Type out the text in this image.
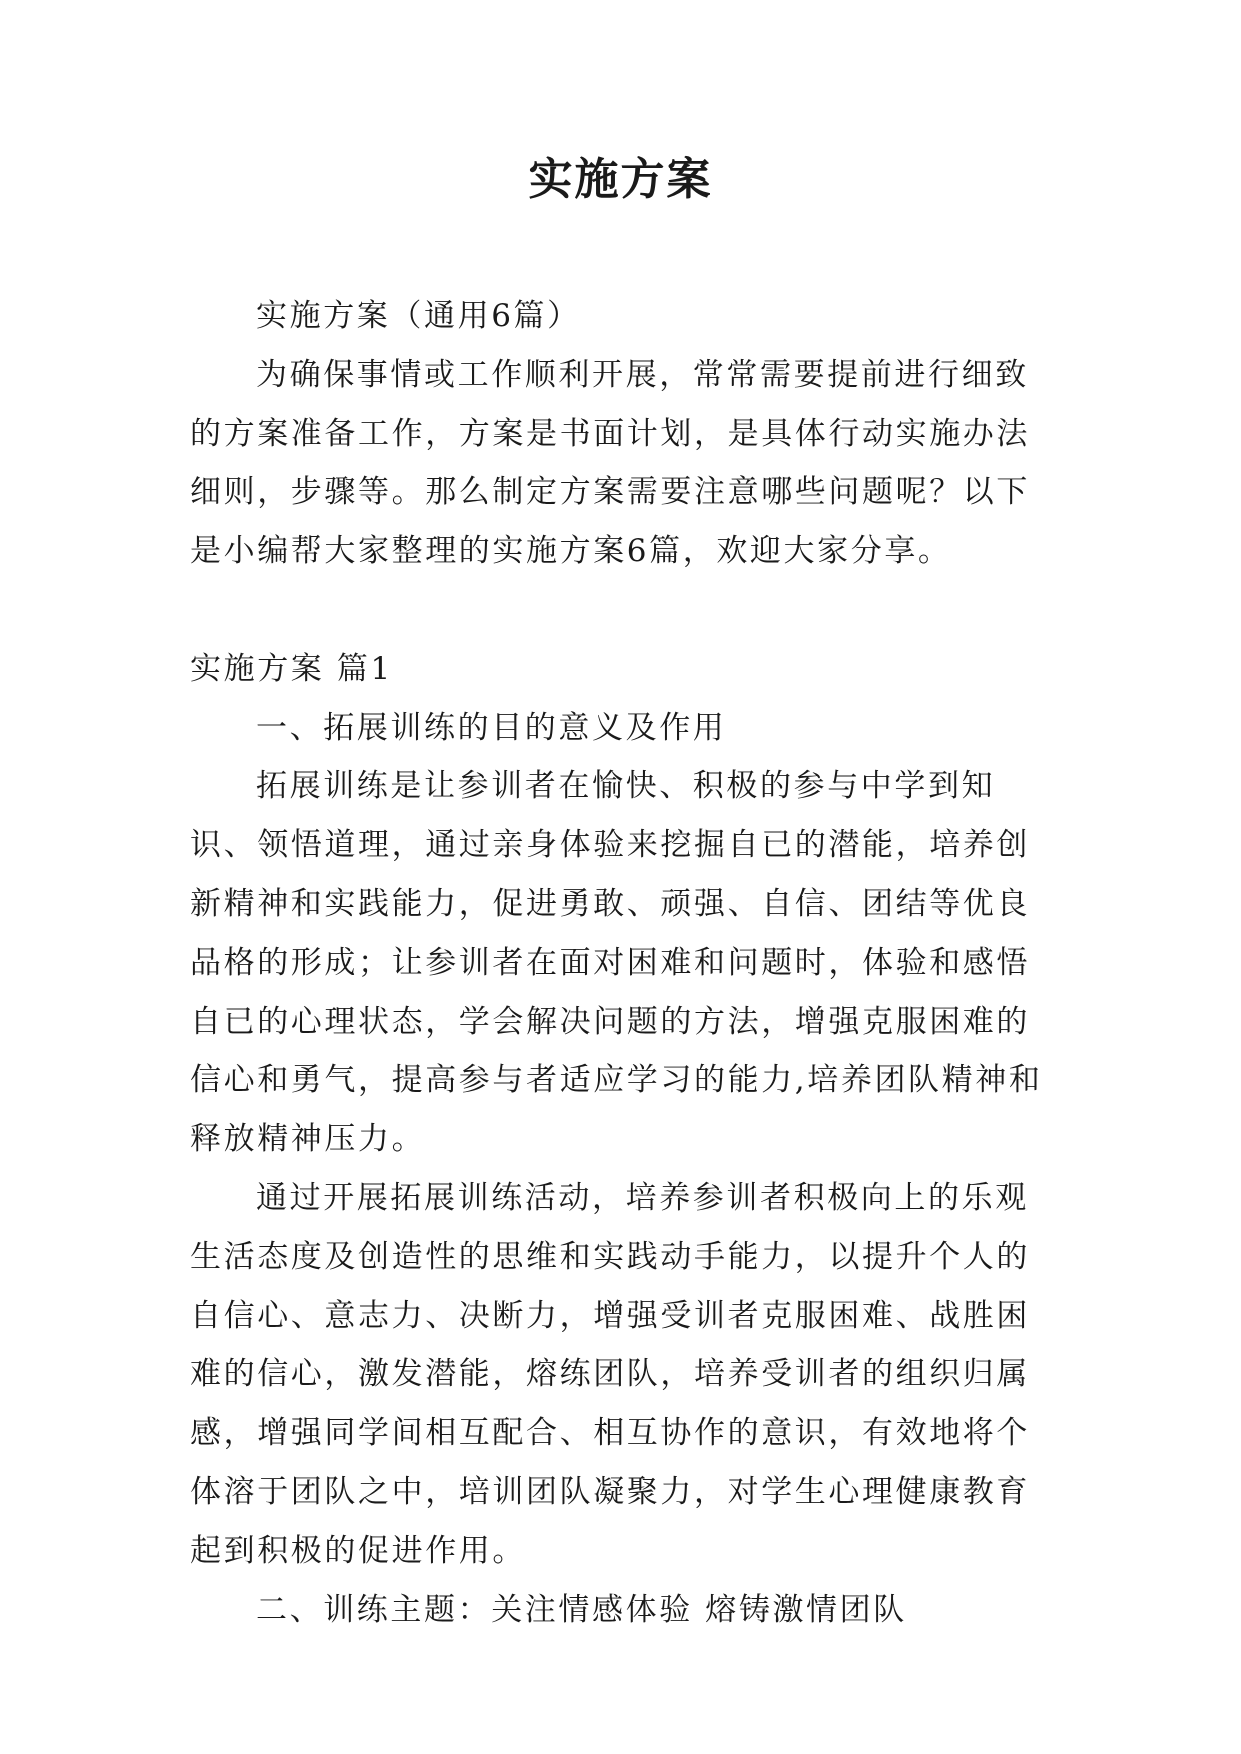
实施方案

实施方案（通用6篇）

为确保事情或工作顺利开展，常常需要提前进行细致的方案准备工作，方案是书面计划，是具体行动实施办法细则，步骤等。那么制定方案需要注意哪些问题呢？以下是小编帮大家整理的实施方案6篇，欢迎大家分享。

实施方案 篇1

一、拓展训练的目的意义及作用

拓展训练是让参训者在愉快、积极的参与中学到知识、领悟道理，通过亲身体验来挖掘自已的潜能，培养创新精神和实践能力，促进勇敢、顽强、自信、团结等优良品格的形成；让参训者在面对困难和问题时，体验和感悟自已的心理状态，学会解决问题的方法，增强克服困难的信心和勇气，提高参与者适应学习的能力,培养团队精神和释放精神压力。

通过开展拓展训练活动，培养参训者积极向上的乐观生活态度及创造性的思维和实践动手能力，以提升个人的自信心、意志力、决断力，增强受训者克服困难、战胜困难的信心，激发潜能，熔练团队，培养受训者的组织归属感，增强同学间相互配合、相互协作的意识，有效地将个体溶于团队之中，培训团队凝聚力，对学生心理健康教育起到积极的促进作用。

二、训练主题：关注情感体验 熔铸激情团队
